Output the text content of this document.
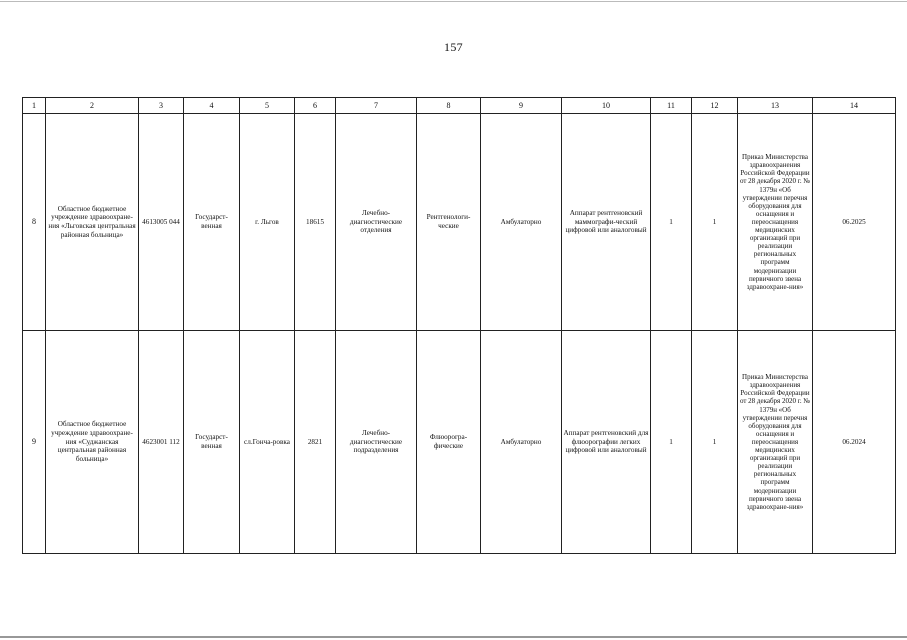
157
1	2	3	4	5	6	7	8	9	10	11	12	13	14
8	Областное бюджетное учреждение здравоохране-ния «Льговская центральная районная больница»	4613005 044	Государст-венная	г. Льгов	18615	Лечебно-диагностические отделения	Рентгенологи-ческие	Амбулаторно	Аппарат рентгеновский маммографи-ческий цифровой или аналоговый	1	1	Приказ Министерства здравоохранения Российской Федерации от 28 декабря 2020 г. № 1379н «Об утверждении перечня оборудования для оснащения и переоснащения медицинских организаций при реализации региональных программ модернизации первичного звена здравоохране-ния»	06.2025
9	Областное бюджетное учреждение здравоохране-ния «Суджанская центральная районная больница»	4623001 112	Государст-венная	сл.Гонча-ровка	2821	Лечебно-диагностические подразделения	Флюорогра-фические	Амбулаторно	Аппарат рентгеновский для флюорографии легких цифровой или аналоговый	1	1	Приказ Министерства здравоохранения Российской Федерации от 28 декабря 2020 г. № 1379н «Об утверждении перечня оборудования для оснащения и переоснащения медицинских организаций при реализации региональных программ модернизации первичного звена здравоохране-ния»	06.2024
